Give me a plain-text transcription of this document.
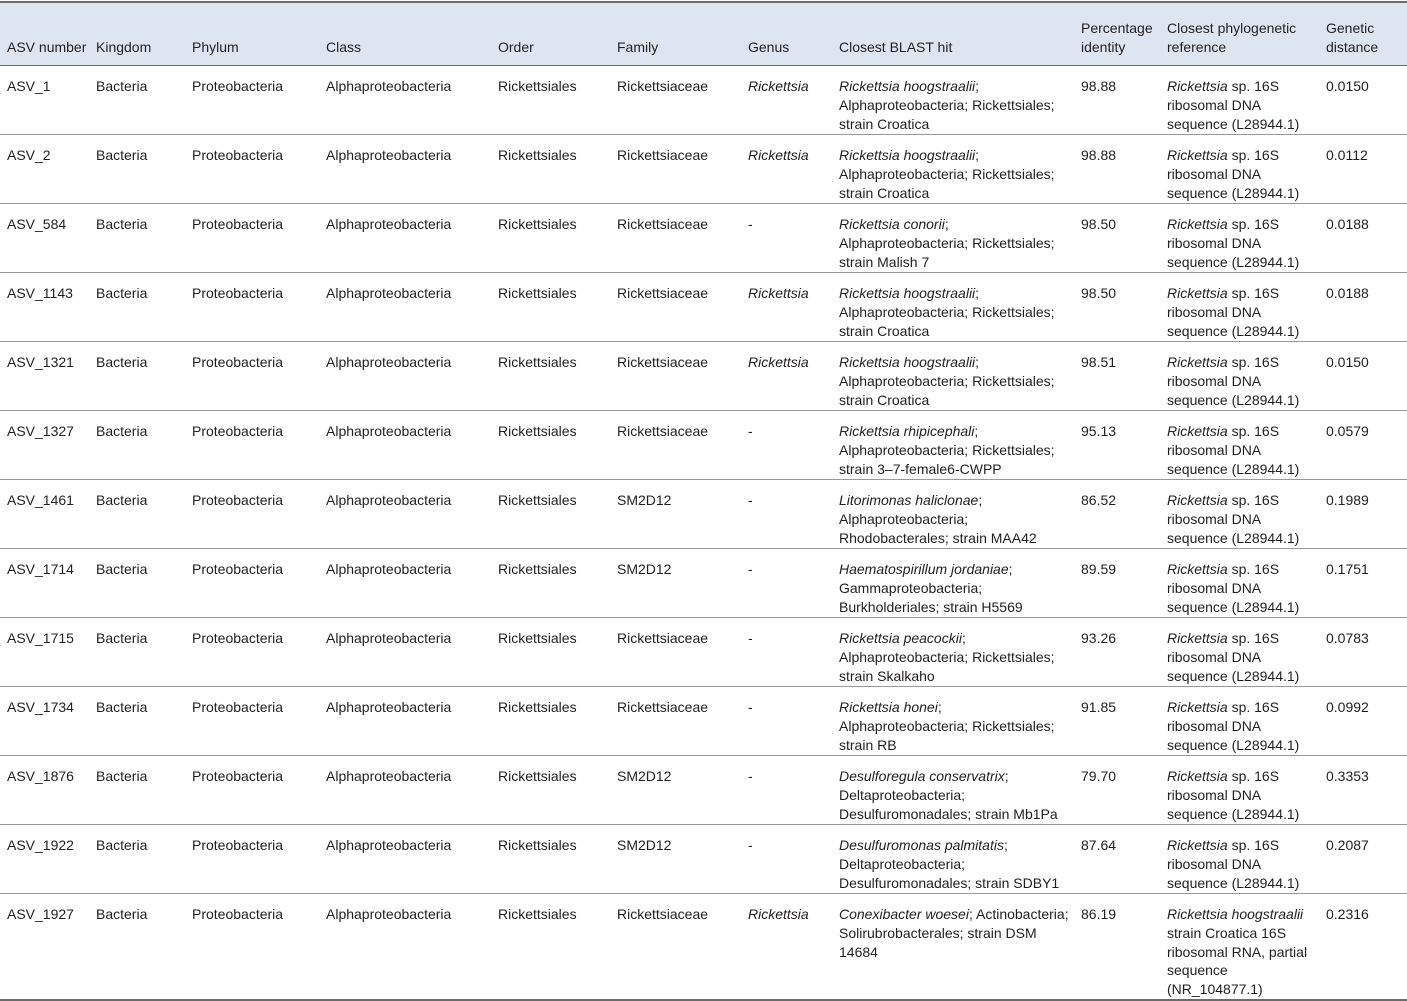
ASV number	Kingdom	Phylum	Class	Order	Family	Genus	Closest BLAST hit	Percentage identity	Closest phylogenetic reference	Genetic distance
ASV_1	Bacteria	Proteobacteria	Alphaproteobacteria	Rickettsiales	Rickettsiaceae	Rickettsia	Rickettsia hoogstraalii; Alphaproteobacteria; Rickettsiales; strain Croatica	98.88	Rickettsia sp. 16S ribosomal DNA sequence (L28944.1)	0.0150
ASV_2	Bacteria	Proteobacteria	Alphaproteobacteria	Rickettsiales	Rickettsiaceae	Rickettsia	Rickettsia hoogstraalii; Alphaproteobacteria; Rickettsiales; strain Croatica	98.88	Rickettsia sp. 16S ribosomal DNA sequence (L28944.1)	0.0112
ASV_584	Bacteria	Proteobacteria	Alphaproteobacteria	Rickettsiales	Rickettsiaceae	-	Rickettsia conorii; Alphaproteobacteria; Rickettsiales; strain Malish 7	98.50	Rickettsia sp. 16S ribosomal DNA sequence (L28944.1)	0.0188
ASV_1143	Bacteria	Proteobacteria	Alphaproteobacteria	Rickettsiales	Rickettsiaceae	Rickettsia	Rickettsia hoogstraalii; Alphaproteobacteria; Rickettsiales; strain Croatica	98.50	Rickettsia sp. 16S ribosomal DNA sequence (L28944.1)	0.0188
ASV_1321	Bacteria	Proteobacteria	Alphaproteobacteria	Rickettsiales	Rickettsiaceae	Rickettsia	Rickettsia hoogstraalii; Alphaproteobacteria; Rickettsiales; strain Croatica	98.51	Rickettsia sp. 16S ribosomal DNA sequence (L28944.1)	0.0150
ASV_1327	Bacteria	Proteobacteria	Alphaproteobacteria	Rickettsiales	Rickettsiaceae	-	Rickettsia rhipicephali; Alphaproteobacteria; Rickettsiales; strain 3–7-female6-CWPP	95.13	Rickettsia sp. 16S ribosomal DNA sequence (L28944.1)	0.0579
ASV_1461	Bacteria	Proteobacteria	Alphaproteobacteria	Rickettsiales	SM2D12	-	Litorimonas haliclonae; Alphaproteobacteria; Rhodobacterales; strain MAA42	86.52	Rickettsia sp. 16S ribosomal DNA sequence (L28944.1)	0.1989
ASV_1714	Bacteria	Proteobacteria	Alphaproteobacteria	Rickettsiales	SM2D12	-	Haematospirillum jordaniae; Gammaproteobacteria; Burkholderiales; strain H5569	89.59	Rickettsia sp. 16S ribosomal DNA sequence (L28944.1)	0.1751
ASV_1715	Bacteria	Proteobacteria	Alphaproteobacteria	Rickettsiales	Rickettsiaceae	-	Rickettsia peacockii; Alphaproteobacteria; Rickettsiales; strain Skalkaho	93.26	Rickettsia sp. 16S ribosomal DNA sequence (L28944.1)	0.0783
ASV_1734	Bacteria	Proteobacteria	Alphaproteobacteria	Rickettsiales	Rickettsiaceae	-	Rickettsia honei; Alphaproteobacteria; Rickettsiales; strain RB	91.85	Rickettsia sp. 16S ribosomal DNA sequence (L28944.1)	0.0992
ASV_1876	Bacteria	Proteobacteria	Alphaproteobacteria	Rickettsiales	SM2D12	-	Desulforegula conservatrix; Deltaproteobacteria; Desulfuromonadales; strain Mb1Pa	79.70	Rickettsia sp. 16S ribosomal DNA sequence (L28944.1)	0.3353
ASV_1922	Bacteria	Proteobacteria	Alphaproteobacteria	Rickettsiales	SM2D12	-	Desulfuromonas palmitatis; Deltaproteobacteria; Desulfuromonadales; strain SDBY1	87.64	Rickettsia sp. 16S ribosomal DNA sequence (L28944.1)	0.2087
ASV_1927	Bacteria	Proteobacteria	Alphaproteobacteria	Rickettsiales	Rickettsiaceae	Rickettsia	Conexibacter woesei; Actinobacteria; Solirubrobacterales; strain DSM 14684	86.19	Rickettsia hoogstraalii strain Croatica 16S ribosomal RNA, partial sequence (NR_104877.1)	0.2316
